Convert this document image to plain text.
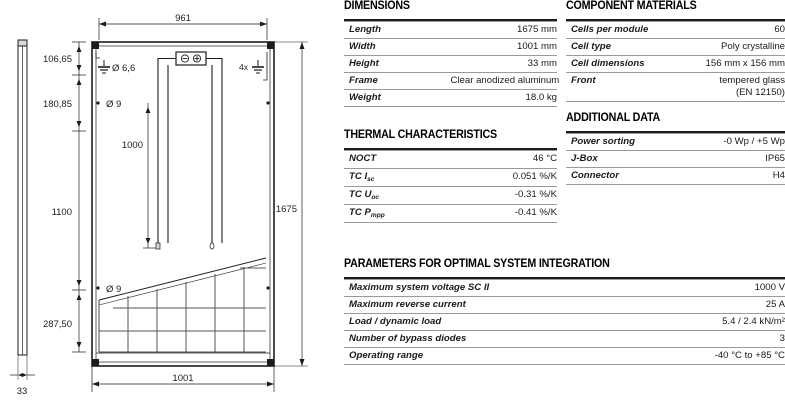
961
1001
1675
106,65
180,85
1100
287,50
33
1000
Ø 6,6
Ø 9
Ø 9
4x
DIMENSIONS

Length	1675 mm
Width	1001 mm
Height	33 mm
Frame	Clear anodized aluminum
Weight	18.0 kg
THERMAL CHARACTERISTICS

NOCT	46 °C
TC $I_{sc}$	0.051 %/K
TC $U_{oc}$	-0.31 %/K
TC $P_{mpp}$	-0.41 %/K
COMPONENT MATERIALS

Cells per module	60
Cell type	Poly crystalline
Cell dimensions	156 mm x 156 mm
Front	tempered glass
(EN 12150)
ADDITIONAL DATA

Power sorting	-0 Wp / +5 Wp
J-Box	IP65
Connector	H4
PARAMETERS FOR OPTIMAL SYSTEM INTEGRATION

Maximum system voltage SC II	1000 V
Maximum reverse current	25 A
Load / dynamic load	5.4 / 2.4 kN/m²
Number of bypass diodes	3
Operating range	-40 °C to +85 °C
